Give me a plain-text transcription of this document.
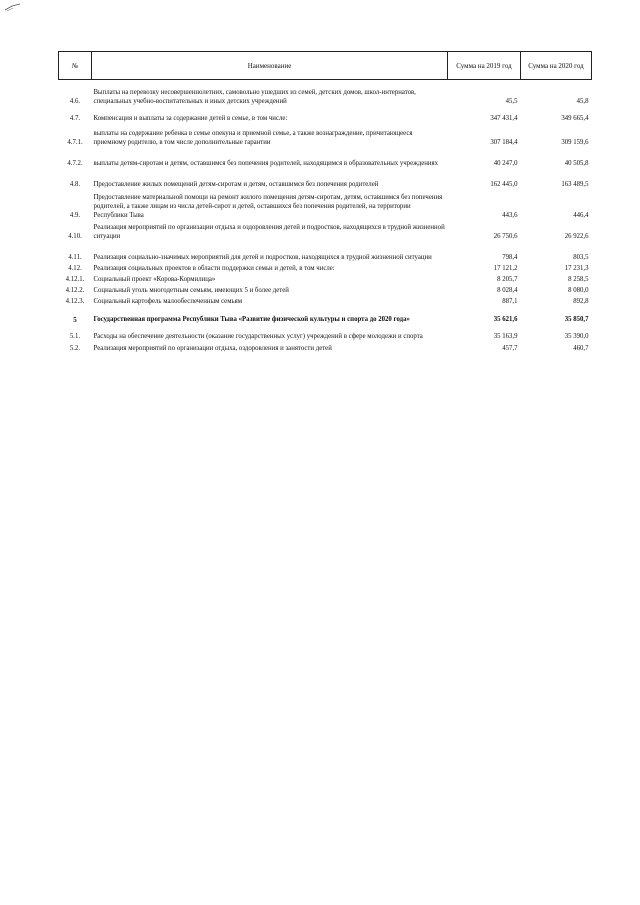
№	Наименование	Сумма на 2019 год	Сумма на 2020 год
4.6.	Выплаты на перевозку несовершеннолетних, самовольно ушедших из семей, детских домов, школ-интернатов, специальных учебно-воспитательных и иных детских учреждений	45,5	45,8
4.7.	Компенсация и выплаты за содержание детей в семье, в том числе:	347 431,4	349 665,4
4.7.1.	выплаты на содержание ребенка в семье опекуна и приемной семье, а также вознаграждение, причитающееся приемному родителю, в том числе дополнительные гарантии	307 184,4	309 159,6
4.7.2.	выплаты детям-сиротам и детям, оставшимся без попечения родителей, находящимся в образовательных учреждениях	40 247,0	40 505,8
4.8.	Предоставление жилых помещений детям-сиротам и детям, оставшимся без попечения родителей	162 445,0	163 489,5
4.9.	Предоставление материальной помощи на ремонт жилого помещения детям-сиротам, детям, оставшимся без попечения родителей, а также лицам из числа детей-сирот и детей, оставшихся без попечения родителей, на территории Республики Тыва	443,6	446,4
4.10.	Реализация мероприятий по организации отдыха и оздоровления детей и подростков, находящихся в трудной жизненной ситуации	26 750,6	26 922,6
4.11.	Реализация социально-значимых мероприятий для детей и подростков, находящихся в трудной жизненной ситуации	798,4	803,5
4.12.	Реализация социальных проектов в области поддержки семьи и детей, в том числе:	17 121,2	17 231,3
4.12.1.	Социальный проект «Корова-Кормилица»	8 205,7	8 258,5
4.12.2.	Социальный уголь многодетным семьям, имеющих 5 и более детей	8 028,4	8 080,0
4.12.3.	Социальный картофель малообеспеченным семьям	887,1	892,8
5	Государственная программа Республики Тыва «Развитие физической культуры и спорта до 2020 года»	35 621,6	35 850,7
5.1.	Расходы на обеспечение деятельности (оказание государственных услуг) учреждений в сфере молодежи и спорта	35 163,9	35 390,0
5.2.	Реализация мероприятий по организации отдыха, оздоровления и занятости детей	457,7	460,7
